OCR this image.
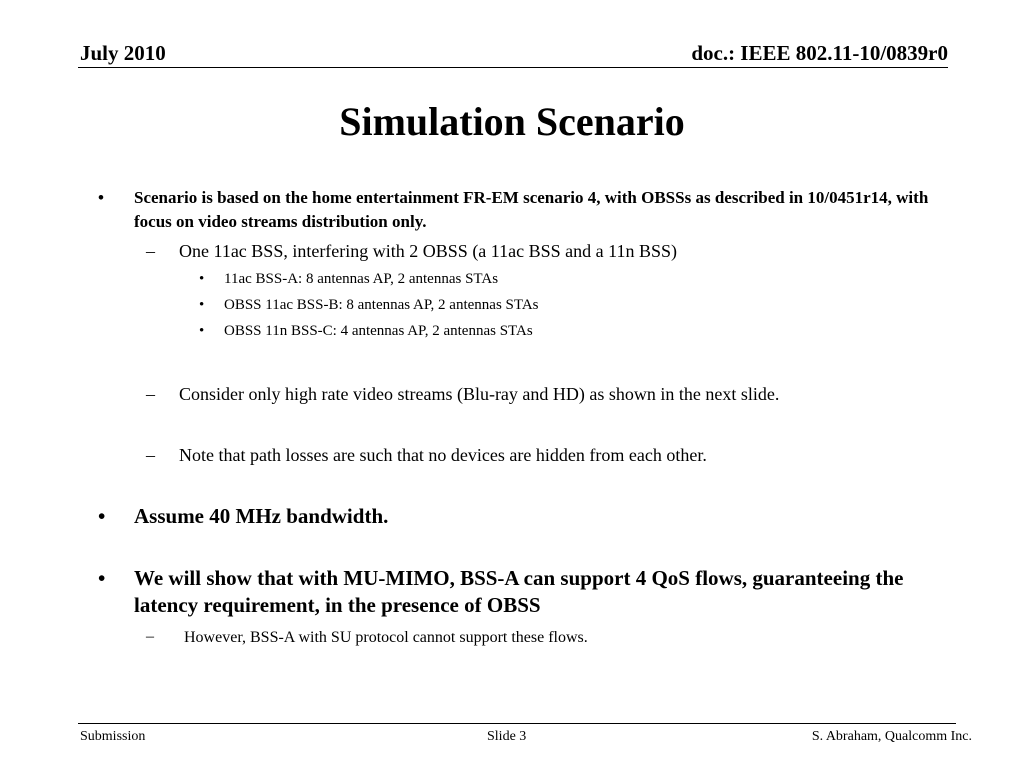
July 2010	doc.: IEEE 802.11-10/0839r0
Simulation Scenario
• Scenario is based on the home entertainment FR-EM scenario 4, with OBSSs as described in 10/0451r14, with focus on video streams distribution only.
– One 11ac BSS, interfering with 2 OBSS (a 11ac BSS and a 11n BSS)
• 11ac BSS-A: 8 antennas AP, 2 antennas STAs
• OBSS 11ac BSS-B: 8 antennas AP, 2 antennas STAs
• OBSS 11n BSS-C: 4 antennas AP, 2 antennas STAs
– Consider only high rate video streams (Blu-ray and HD) as shown in the next slide.
– Note that path losses are such that no devices are hidden from each other.
• Assume 40 MHz bandwidth.
• We will show that with MU-MIMO, BSS-A can support 4 QoS flows, guaranteeing the latency requirement, in the presence of OBSS
– However, BSS-A with SU protocol cannot support these flows.
Submission	Slide 3	S. Abraham, Qualcomm Inc.
